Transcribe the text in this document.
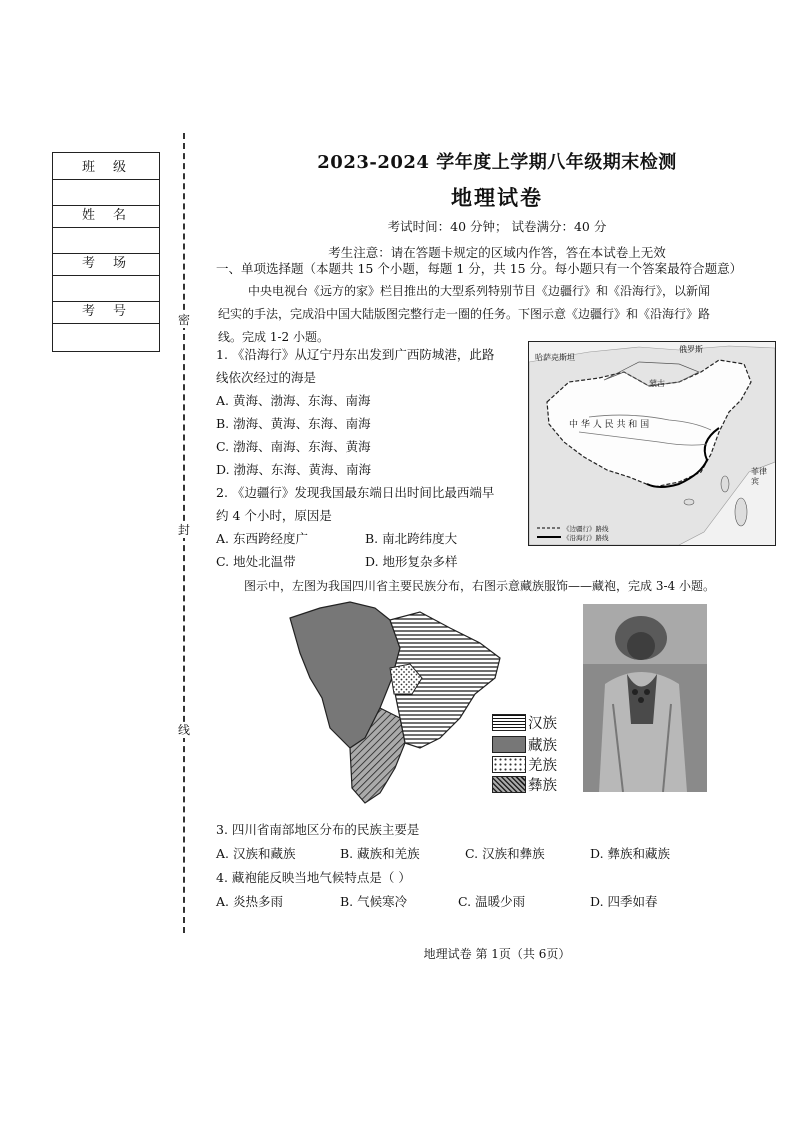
班级
姓名
考场
考号
密
封
线
2023-2024 学年度上学期八年级期末检测
地理试卷
考试时间：40 分钟； 试卷满分：40 分
考生注意：请在答题卡规定的区域内作答，答在本试卷上无效
一、单项选择题（本题共 15 个小题，每题 1 分，共 15 分。每小题只有一个答案最符合题意）
中央电视台《远方的家》栏目推出的大型系列特别节目《边疆行》和《沿海行》，以新闻
纪实的手法，完成沿中国大陆版图完整行走一圈的任务。下图示意《边疆行》和《沿海行》路
线。完成 1-2 小题。
1. 《沿海行》从辽宁丹东出发到广西防城港，此路
线依次经过的海是
A. 黄海、渤海、东海、南海
B. 渤海、黄海、东海、南海
C. 渤海、南海、东海、黄海
D. 渤海、东海、黄海、南海
2. 《边疆行》发现我国最东端日出时间比最西端早
约 4 个小时，原因是
A. 东西跨经度广	B. 南北跨纬度大
C. 地处北温带	D. 地形复杂多样
哈萨克斯坦
俄罗斯
蒙古
中 华 人 民 共 和 国
菲律宾
《边疆行》路线
《沿海行》路线
图示中，左图为我国四川省主要民族分布，右图示意藏族服饰——藏袍，完成 3-4 小题。
汉族
藏族
羌族
彝族
3. 四川省南部地区分布的民族主要是
A. 汉族和藏族	B. 藏族和羌族	C. 汉族和彝族	D. 彝族和藏族
4. 藏袍能反映当地气候特点是（ ）
A. 炎热多雨	B. 气候寒冷	C. 温暖少雨	D. 四季如春
地理试卷 第 1页（共 6页）
